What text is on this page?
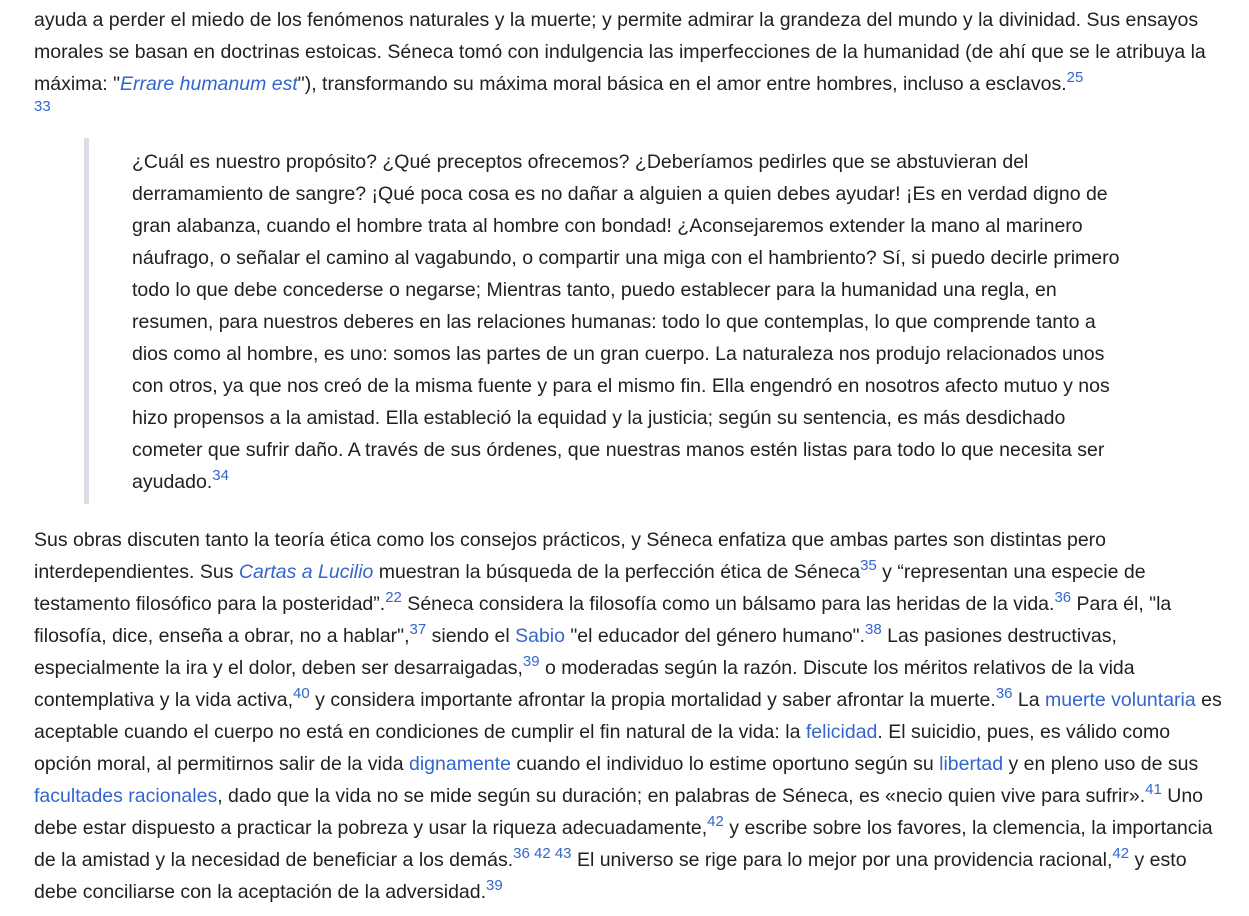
ayuda a perder el miedo de los fenómenos naturales y la muerte; y permite admirar la grandeza del mundo y la divinidad. Sus ensayos morales se basan en doctrinas estoicas. Séneca tomó con indulgencia las imperfecciones de la humanidad (de ahí que se le atribuya la máxima: "Errare humanum est"), transformando su máxima moral básica en el amor entre hombres, incluso a esclavos.$^{25}$
33

¿Cuál es nuestro propósito? ¿Qué preceptos ofrecemos? ¿Deberíamos pedirles que se abstuvieran del derramamiento de sangre? ¡Qué poca cosa es no dañar a alguien a quien debes ayudar! ¡Es en verdad digno de gran alabanza, cuando el hombre trata al hombre con bondad! ¿Aconsejaremos extender la mano al marinero náufrago, o señalar el camino al vagabundo, o compartir una miga con el hambriento? Sí, si puedo decirle primero todo lo que debe concederse o negarse; Mientras tanto, puedo establecer para la humanidad una regla, en resumen, para nuestros deberes en las relaciones humanas: todo lo que contemplas, lo que comprende tanto a dios como al hombre, es uno: somos las partes de un gran cuerpo. La naturaleza nos produjo relacionados unos con otros, ya que nos creó de la misma fuente y para el mismo fin. Ella engendró en nosotros afecto mutuo y nos hizo propensos a la amistad. Ella estableció la equidad y la justicia; según su sentencia, es más desdichado cometer que sufrir daño. A través de sus órdenes, que nuestras manos estén listas para todo lo que necesita ser ayudado.$^{34}$

Sus obras discuten tanto la teoría ética como los consejos prácticos, y Séneca enfatiza que ambas partes son distintas pero interdependientes. Sus Cartas a Lucilio muestran la búsqueda de la perfección ética de Séneca$^{35}$ y “representan una especie de testamento filosófico para la posteridad”.$^{22}$ Séneca considera la filosofía como un bálsamo para las heridas de la vida.$^{36}$ Para él, "la filosofía, dice, enseña a obrar, no a hablar",$^{37}$ siendo el Sabio "el educador del género humano".$^{38}$ Las pasiones destructivas, especialmente la ira y el dolor, deben ser desarraigadas,$^{39}$ o moderadas según la razón. Discute los méritos relativos de la vida contemplativa y la vida activa,$^{40}$ y considera importante afrontar la propia mortalidad y saber afrontar la muerte.$^{36}$ La muerte voluntaria es aceptable cuando el cuerpo no está en condiciones de cumplir el fin natural de la vida: la felicidad. El suicidio, pues, es válido como opción moral, al permitirnos salir de la vida dignamente cuando el individuo lo estime oportuno según su libertad y en pleno uso de sus facultades racionales, dado que la vida no se mide según su duración; en palabras de Séneca, es «necio quien vive para sufrir».$^{41}$ Uno debe estar dispuesto a practicar la pobreza y usar la riqueza adecuadamente,$^{42}$ y escribe sobre los favores, la clemencia, la importancia de la amistad y la necesidad de beneficiar a los demás.$^{36 42 43}$ El universo se rige para lo mejor por una providencia racional,$^{42}$ y esto debe conciliarse con la aceptación de la adversidad.$^{39}$
